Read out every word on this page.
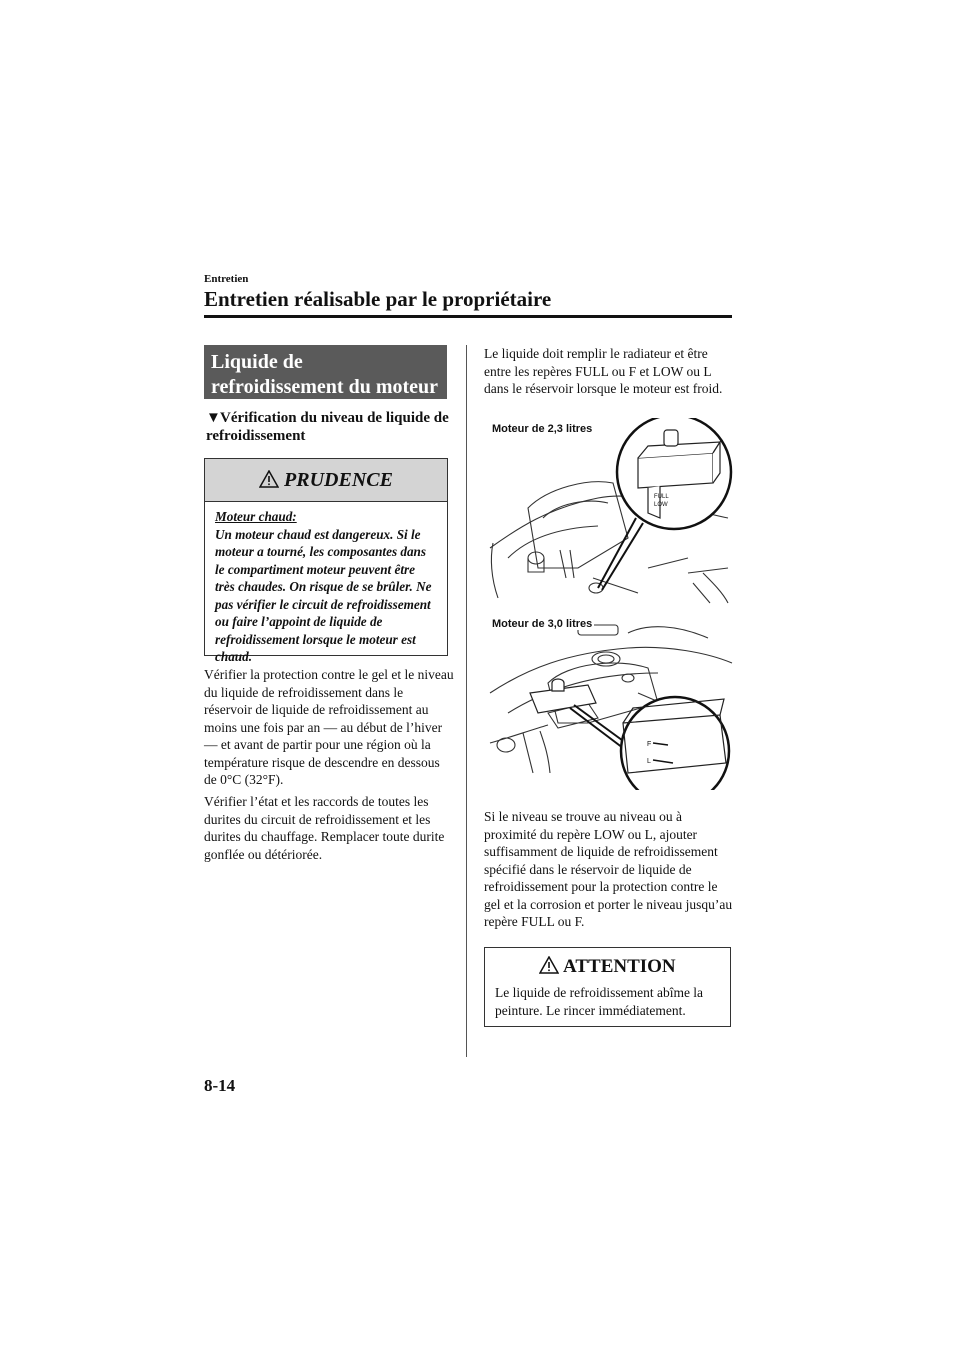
Entretien
Entretien réalisable par le propriétaire
Liquide de refroidissement du moteur
▼Vérification du niveau de liquide de refroidissement
PRUDENCE
Moteur chaud:
Un moteur chaud est dangereux. Si le moteur a tourné, les composantes dans le compartiment moteur peuvent être très chaudes. On risque de se brûler. Ne pas vérifier le circuit de refroidissement ou faire l’appoint de liquide de refroidissement lorsque le moteur est chaud.
Vérifier la protection contre le gel et le niveau du liquide de refroidissement dans le réservoir de liquide de refroidissement au moins une fois par an — au début de l’hiver — et avant de partir pour une région où la température risque de descendre en dessous de 0°C (32°F).
Vérifier l’état et les raccords de toutes les durites du circuit de refroidissement et les durites du chauffage. Remplacer toute durite gonflée ou détériorée.
Le liquide doit remplir le radiateur et être entre les repères FULL ou F et LOW ou L dans le réservoir lorsque le moteur est froid.
FULL
LOW
Moteur de 2,3 litres
F
L
Moteur de 3,0 litres
Si le niveau se trouve au niveau ou à proximité du repère LOW ou L, ajouter suffisamment de liquide de refroidissement spécifié dans le réservoir de liquide de refroidissement pour la protection contre le gel et la corrosion et porter le niveau jusqu’au repère FULL ou F.
ATTENTION
Le liquide de refroidissement abîme la peinture. Le rincer immédiatement.
8-14
